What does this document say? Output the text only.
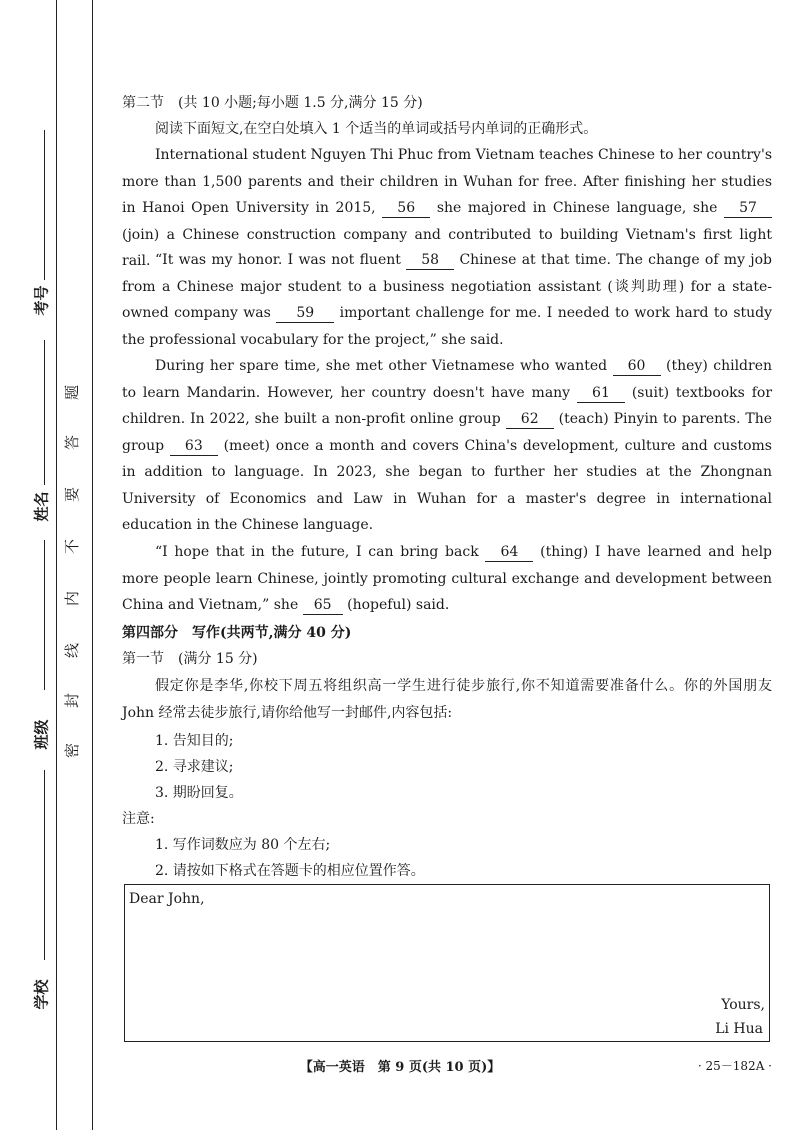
考号
姓名
班级
学校
题
答
要
不
内
线
封
密
第二节　(共 10 小题;每小题 1.5 分,满分 15 分)
阅读下面短文,在空白处填入 1 个适当的单词或括号内单词的正确形式。
International student Nguyen Thi Phuc from Vietnam teaches Chinese to her country's more than 1,500 parents and their children in Wuhan for free. After finishing her studies in Hanoi Open University in 2015, 56 she majored in Chinese language, she 57 (join) a Chinese construction company and contributed to building Vietnam's first light rail. “It was my honor. I was not fluent 58 Chinese at that time. The change of my job from a Chinese major student to a business negotiation assistant (谈判助理) for a state-owned company was 59 important challenge for me. I needed to work hard to study the professional vocabulary for the project,” she said.
During her spare time, she met other Vietnamese who wanted 60 (they) children to learn Mandarin. However, her country doesn't have many 61 (suit) textbooks for children. In 2022, she built a non-profit online group 62 (teach) Pinyin to parents. The group 63 (meet) once a month and covers China's development, culture and customs in addition to language. In 2023, she began to further her studies at the Zhongnan University of Economics and Law in Wuhan for a master's degree in international education in the Chinese language.
“I hope that in the future, I can bring back 64 (thing) I have learned and help more people learn Chinese, jointly promoting cultural exchange and development between China and Vietnam,” she 65 (hopeful) said.
第四部分　写作(共两节,满分 40 分)
第一节　(满分 15 分)
假定你是李华,你校下周五将组织高一学生进行徒步旅行,你不知道需要准备什么。你的外国朋友 John 经常去徒步旅行,请你给他写一封邮件,内容包括:
1. 告知目的;
2. 寻求建议;
3. 期盼回复。
注意:
1. 写作词数应为 80 个左右;
2. 请按如下格式在答题卡的相应位置作答。
Dear John,
Yours,
Li Hua
【高一英语　第 9 页(共 10 页)】	· 25－182A ·
